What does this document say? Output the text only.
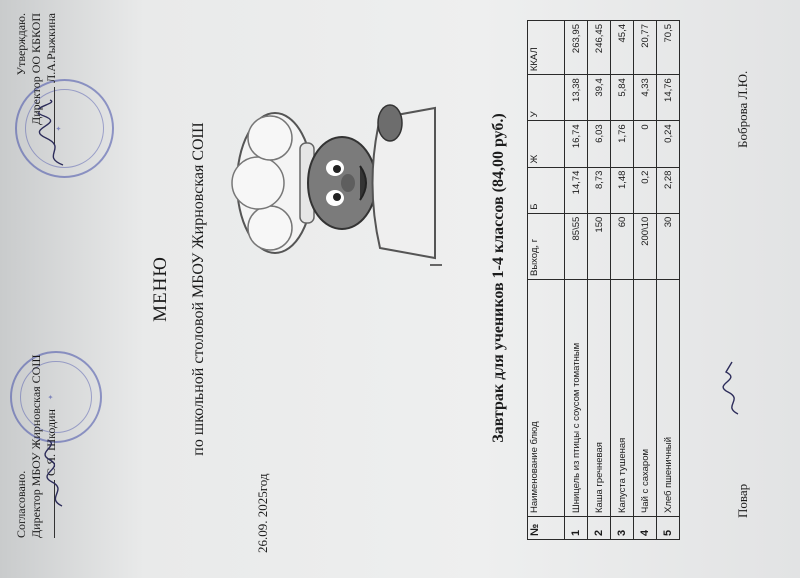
✦
✦
Согласовано. Директор МБОУ Жирновская СОШ С.Я. Шкодин
Утверждаю. Директор ОО КБКОП Л.А.Рыжкина
МЕНЮ по школьной столовой МБОУ Жирновская СОШ
26.09. 2025год
Завтрак для учеников 1-4 классов (84,00 руб.)
№	Наименование блюд	Выход, г	Б	Ж	У	ККАЛ
1	Шницель из птицы с соусом томатным	85\55	14,74	16,74	13,38	263,95
2	Каша гречневая	150	8,73	6,03	39,4	246,45
3	Капуста тушеная	60	1,48	1,76	5,84	45,4
4	Чай с сахаром	200\10	0,2	0	4,33	20,77
5	Хлеб пшеничный	30	2,28	0,24	14,76	70,5
Повар
Боброва Л.Ю.
